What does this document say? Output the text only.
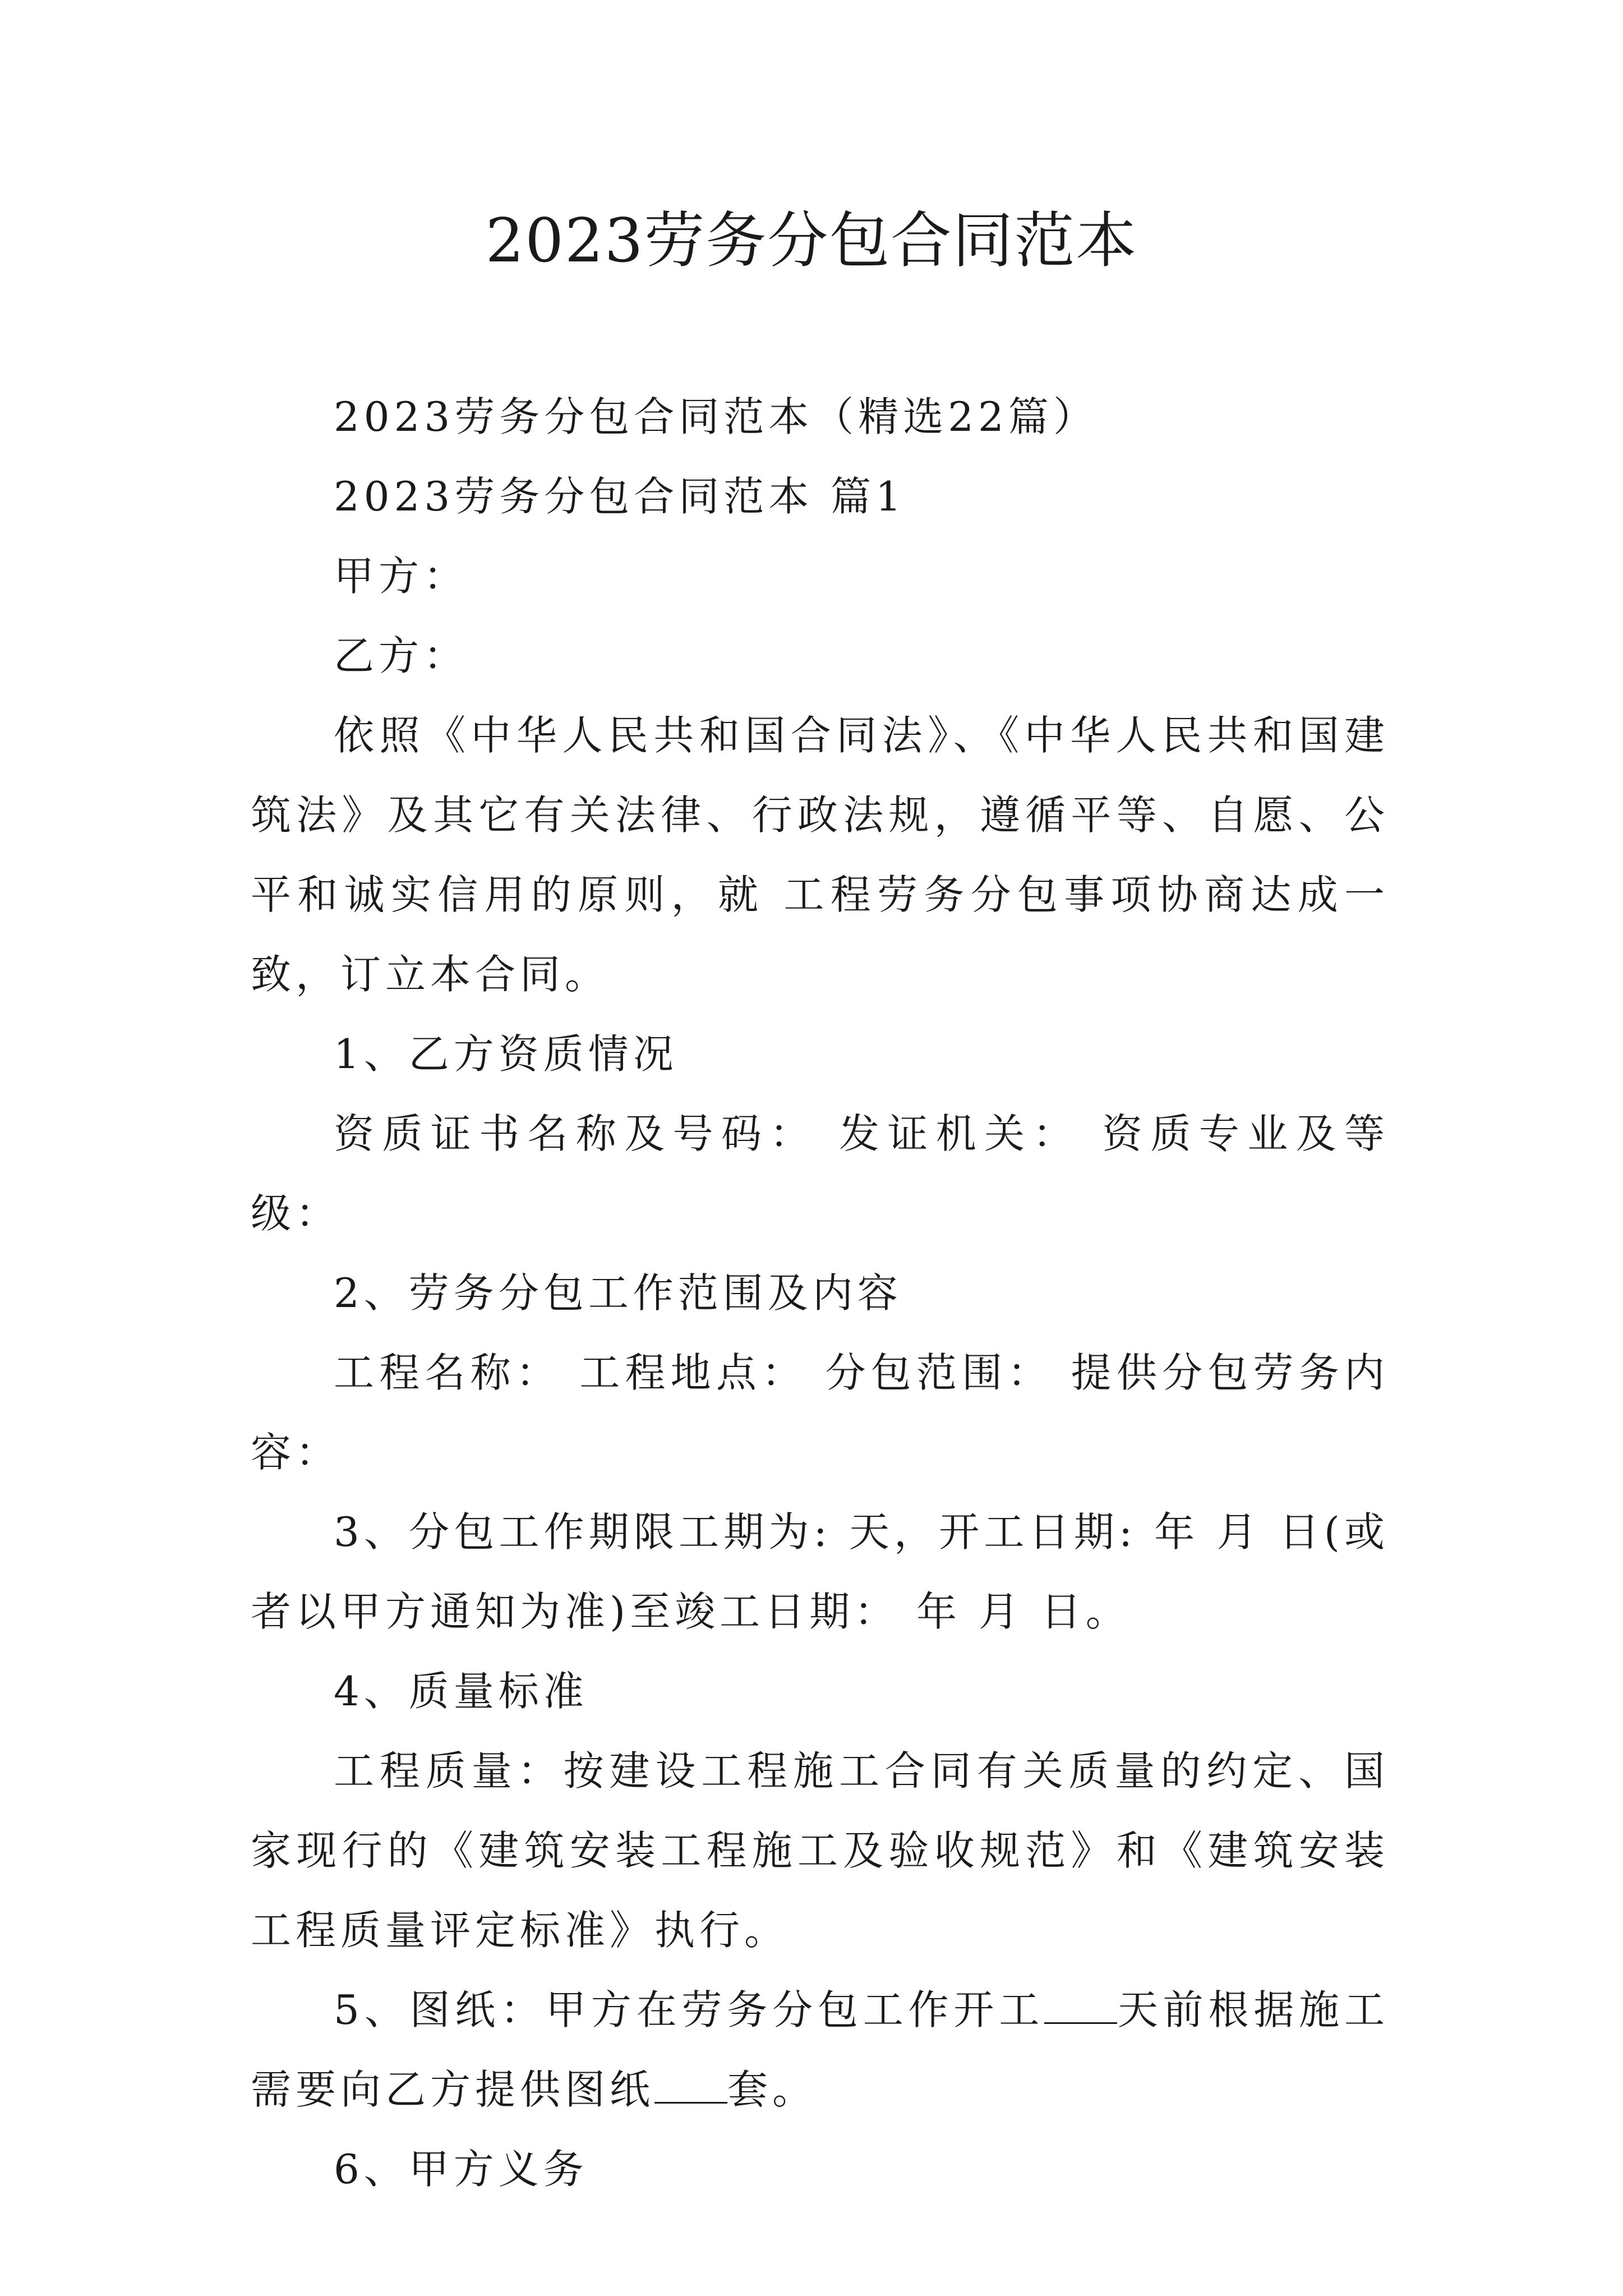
2023劳务分包合同范本

2023劳务分包合同范本（精选22篇）

2023劳务分包合同范本 篇1

甲方：

乙方：

依照《中华人民共和国合同法》、《中华人民共和国建筑法》及其它有关法律、行政法规，遵循平等、自愿、公平和诚实信用的原则，就 工程劳务分包事项协商达成一致，订立本合同。

1、乙方资质情况

资质证书名称及号码： 发证机关： 资质专业及等级：

2、劳务分包工作范围及内容

工程名称： 工程地点： 分包范围： 提供分包劳务内容：

3、分包工作期限工期为: 天，开工日期: 年 月 日(或者以甲方通知为准)至竣工日期： 年 月 日。

4、质量标准

工程质量：按建设工程施工合同有关质量的约定、国家现行的《建筑安装工程施工及验收规范》和《建筑安装工程质量评定标准》执行。

5、图纸：甲方在劳务分包工作开工 天前根据施工需要向乙方提供图纸 套。

6、甲方义务
